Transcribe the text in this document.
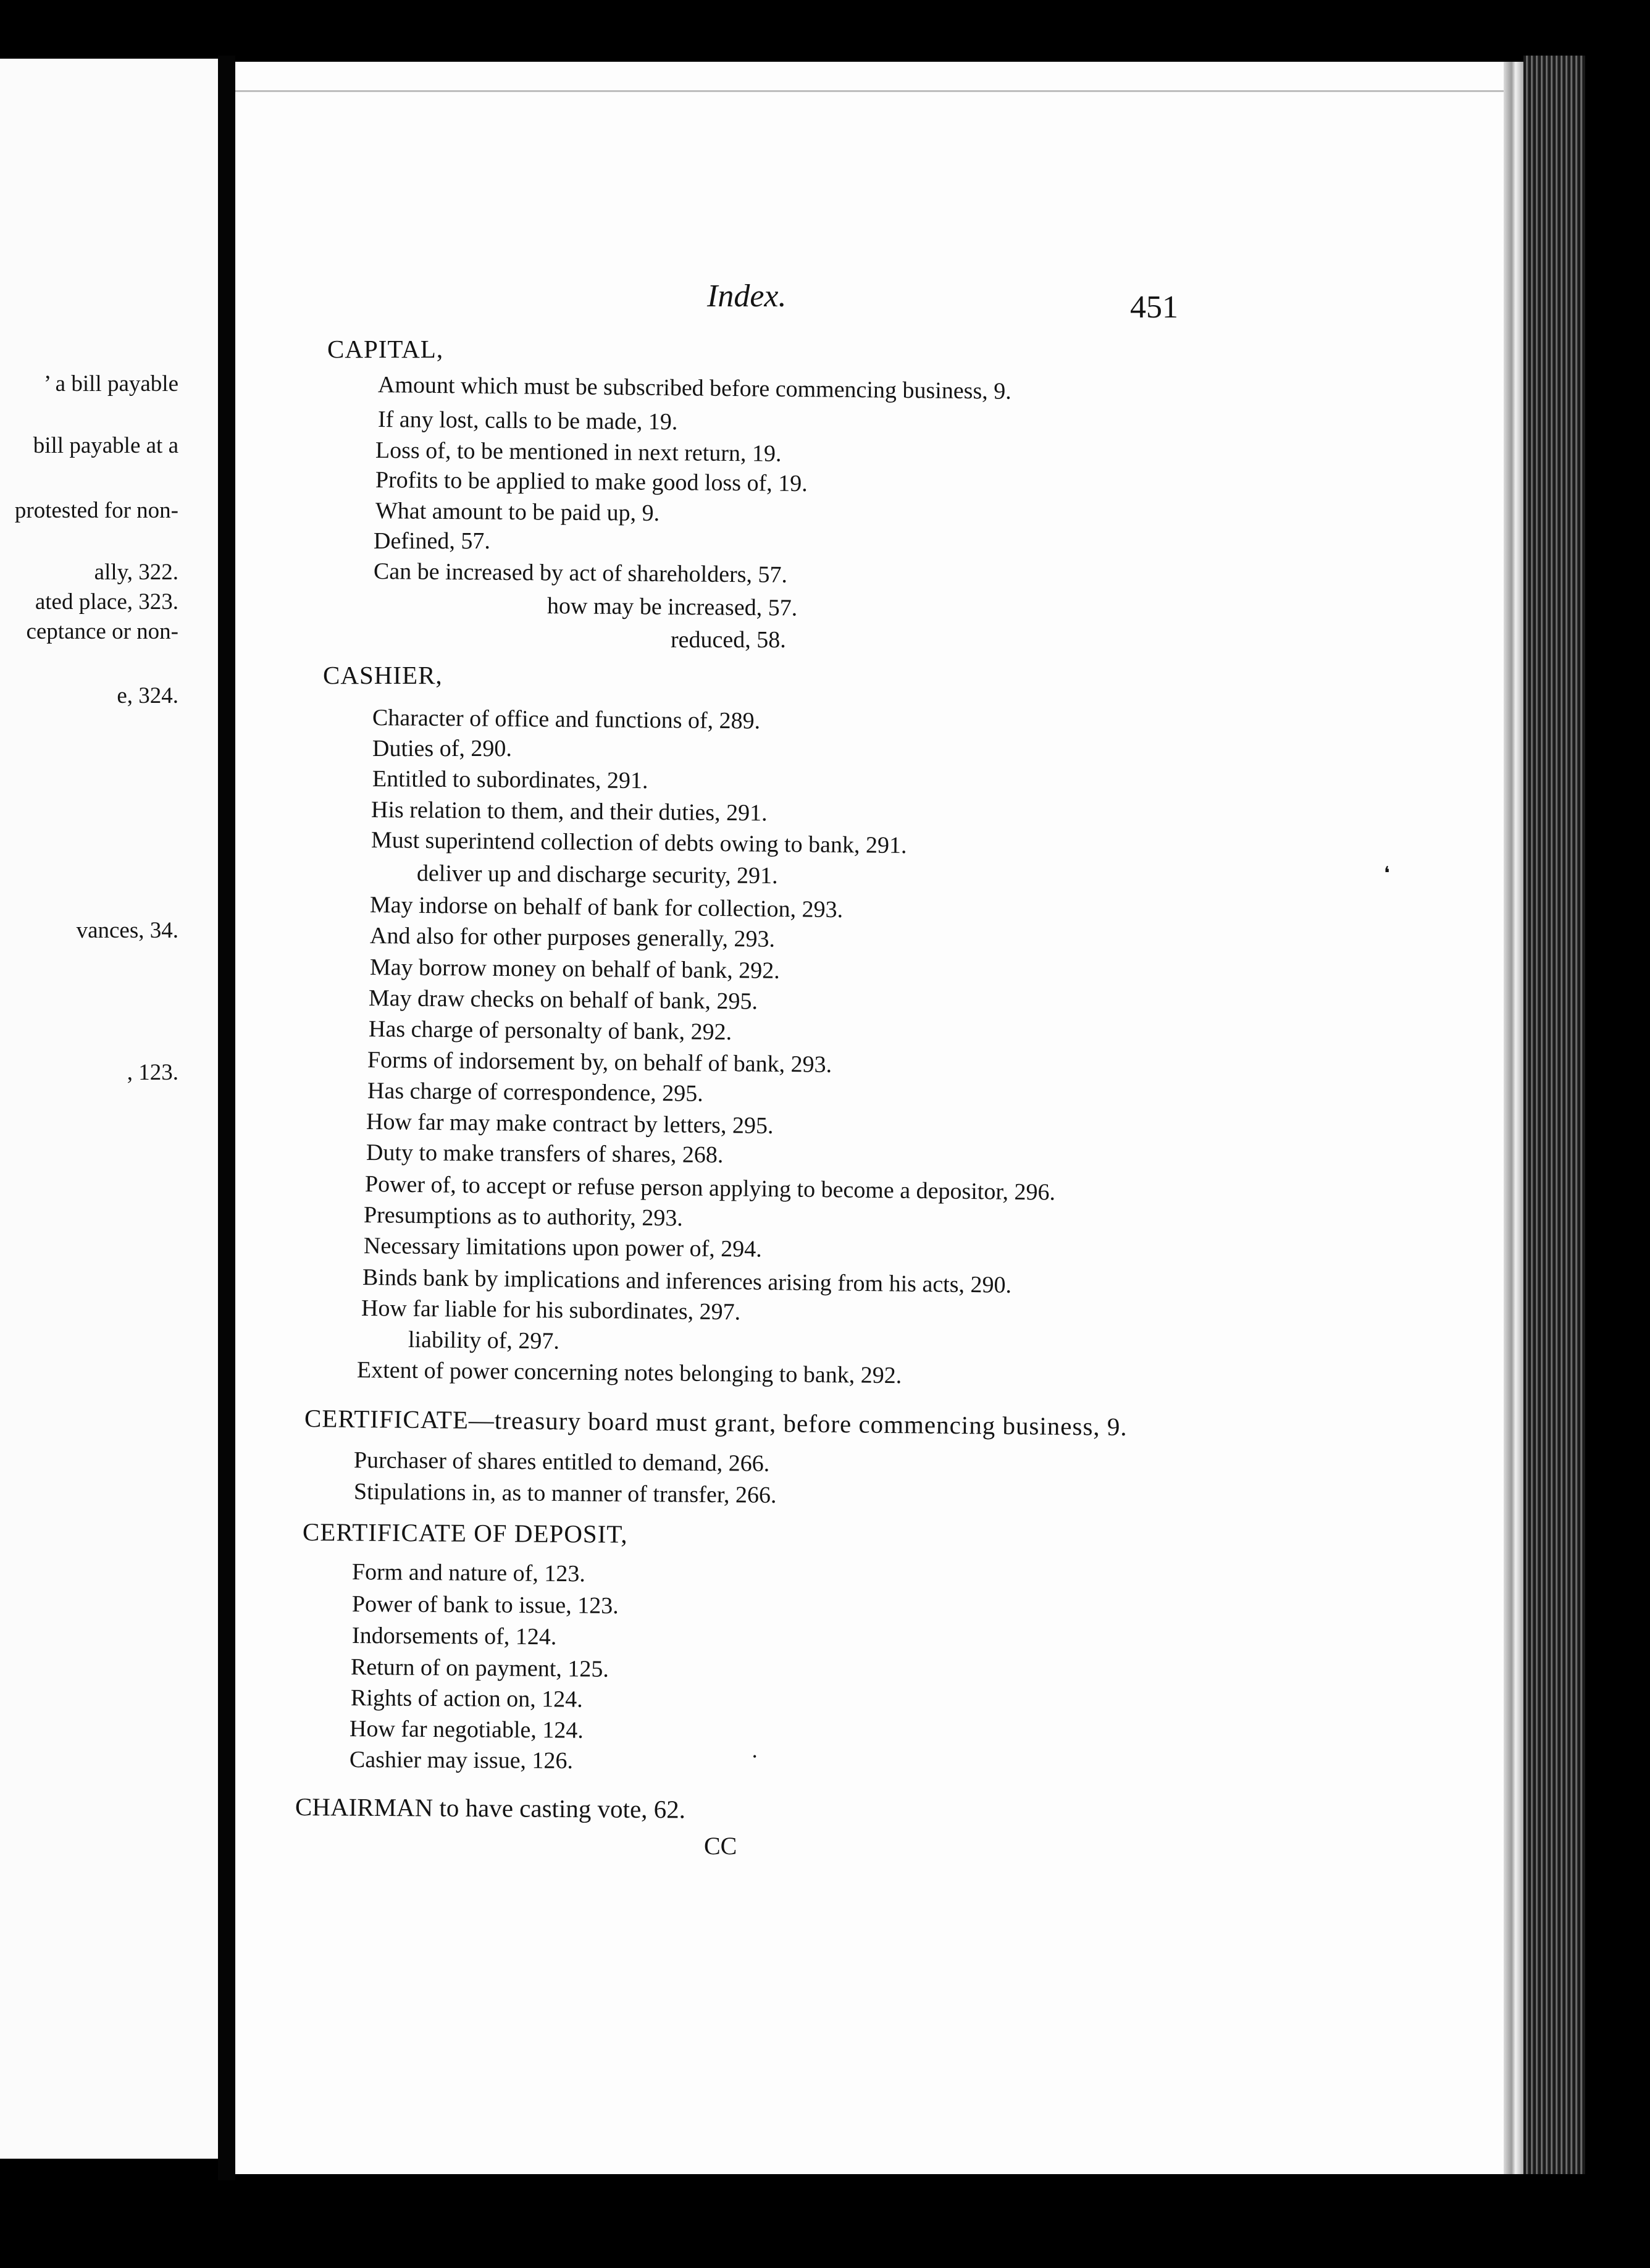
’ a bill payable
bill payable at a
protested for non-
ally, 322.
ated place, 323.
ceptance or non-
e, 324.
vances, 34.
, 123.
❛
•
Index.	451
CAPITAL,
Amount which must be subscribed before commencing business, 9.
If any lost, calls to be made, 19.
Loss of, to be mentioned in next return, 19.
Profits to be applied to make good loss of, 19.
What amount to be paid up, 9.
Defined, 57.
Can be increased by act of shareholders, 57.
how may be increased, 57.
reduced, 58.
CASHIER,
Character of office and functions of, 289.
Duties of, 290.
Entitled to subordinates, 291.
His relation to them, and their duties, 291.
Must superintend collection of debts owing to bank, 291.
deliver up and discharge security, 291.
May indorse on behalf of bank for collection, 293.
And also for other purposes generally, 293.
May borrow money on behalf of bank, 292.
May draw checks on behalf of bank, 295.
Has charge of personalty of bank, 292.
Forms of indorsement by, on behalf of bank, 293.
Has charge of correspondence, 295.
How far may make contract by letters, 295.
Duty to make transfers of shares, 268.
Power of, to accept or refuse person applying to become a depositor, 296.
Presumptions as to authority, 293.
Necessary limitations upon power of, 294.
Binds bank by implications and inferences arising from his acts, 290.
How far liable for his subordinates, 297.
liability of, 297.
Extent of power concerning notes belonging to bank, 292.
CERTIFICATE—treasury board must grant, before commencing business, 9.
Purchaser of shares entitled to demand, 266.
Stipulations in, as to manner of transfer, 266.
CERTIFICATE OF DEPOSIT,
Form and nature of, 123.
Power of bank to issue, 123.
Indorsements of, 124.
Return of on payment, 125.
Rights of action on, 124.
How far negotiable, 124.
Cashier may issue, 126.
CHAIRMAN to have casting vote, 62.
CC
